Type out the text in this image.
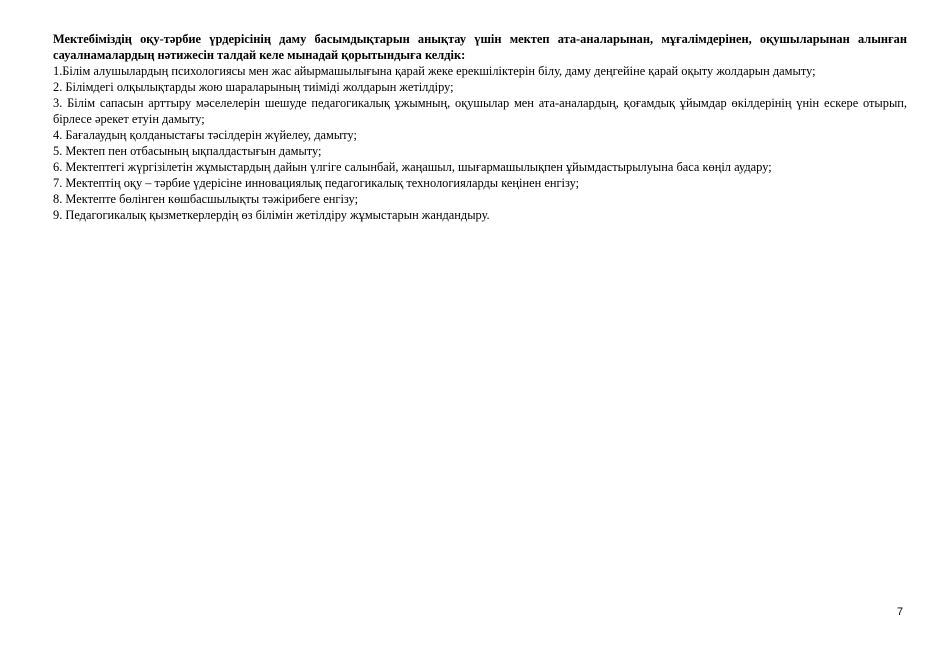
Мектебіміздің оқу-тәрбие үрдерісінің даму басымдықтарын анықтау үшін мектеп ата-аналарынан, мұғалімдерінен, оқушыларынан алынған сауалнамалардың нәтижесін талдай келе мынадай қорытындыға келдік:

1.Білім алушылардың психологиясы мен жас айырмашылығына қарай жеке ерекшіліктерін білу, даму деңгейіне қарай оқыту жолдарын дамыту;
2. Білімдегі олқылықтарды жою шараларының тиімідi жолдарын жетілдіру;
3. Білім сапасын арттыру мәселелерін шешуде педагогикалық ұжымның, оқушылар мен ата-аналардың, қоғамдық ұйымдар өкілдерінің үнін ескере отырып, бірлесе әрекет етуін дамыту;
4. Бағалаудың қолданыстағы тәсілдерін жүйелеу, дамыту;
5. Мектеп пен отбасының ықпалдастығын дамыту;
6. Мектептегі жүргізілетін жұмыстардың дайын үлгіге салынбай, жаңашыл, шығармашылықпен ұйымдастырылуына баса көңіл аудару;
7. Мектептің оқу – тәрбие үдерісіне инновациялық педагогикалық технологияларды кеңінен енгізу;
8. Мектепте бөлінген көшбасшылықты тәжірибеге енгізу;
9. Педагогикалық қызметкерлердің өз білімін жетілдіру жұмыстарын жандандыру.
7
